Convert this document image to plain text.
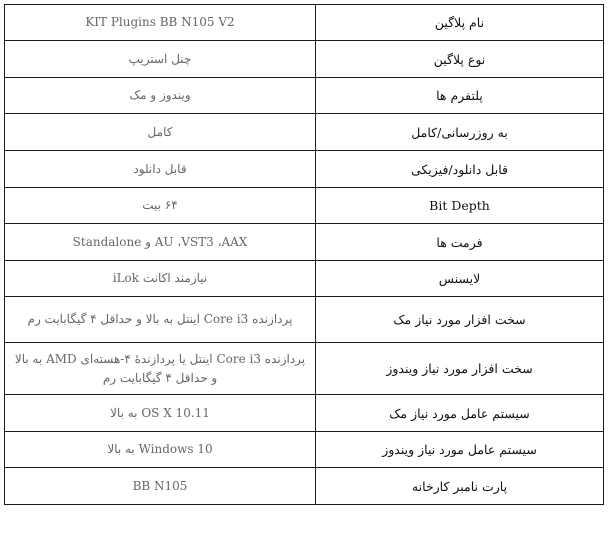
نام پلاگین	KIT Plugins BB N105 V2
نوع پلاگین	چنل استریپ
پلتفرم ها	ویندوز و مک
به روزرسانی/کامل	کامل
قابل دانلود/فیزیکی	قابل دانلود
Bit Depth	۶۴ بیت
فرمت ها	AU ،VST3 ،AAX و Standalone
لایسنس	نیازمند اکانت iLok
سخت افزار مورد نیاز مک	پردازنده Core i3 اینتل به بالا و حداقل ۴ گیگابایت رم
سخت افزار مورد نیاز ویندوز	پردازنده Core i3 اینتل یا پردازندهٔ ۴-هسته‌ای AMD به بالا و حداقل ۴ گیگابایت رم
سیستم عامل مورد نیاز مک	OS X 10.11 به بالا
سیستم عامل مورد نیاز ویندوز	Windows 10 به بالا
پارت نامبر کارخانه	BB N105
